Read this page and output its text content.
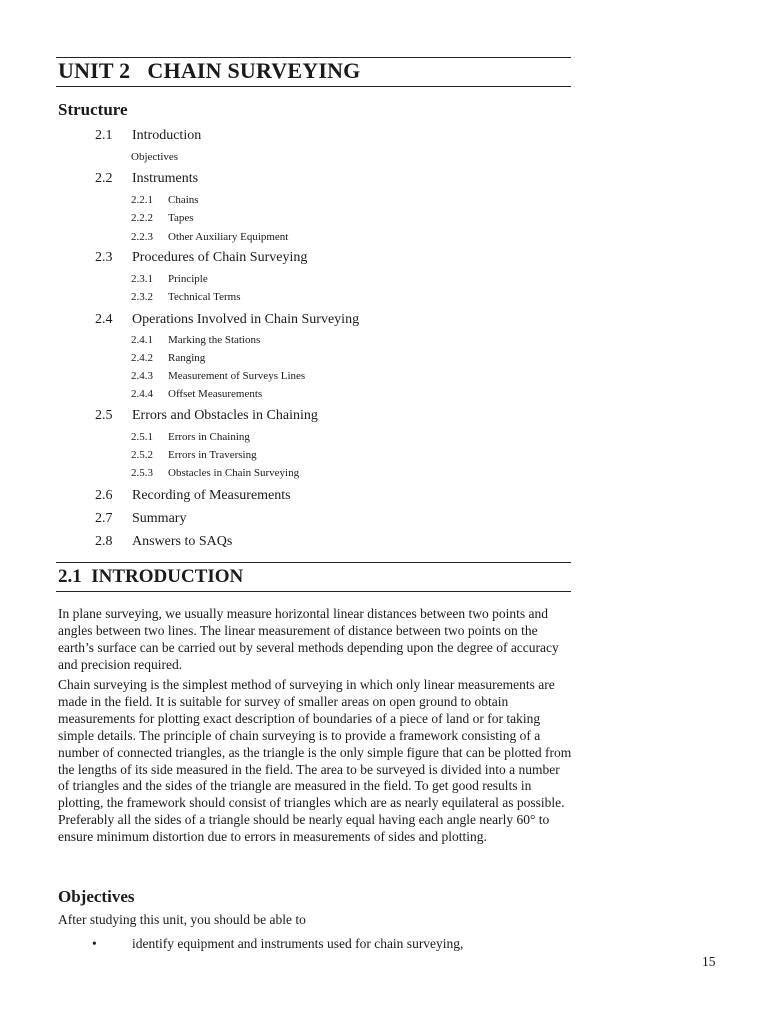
UNIT 2   CHAIN SURVEYING
Structure
2.1 Introduction
Objectives
2.2 Instruments
2.2.1 Chains
2.2.2 Tapes
2.2.3 Other Auxiliary Equipment
2.3 Procedures of Chain Surveying
2.3.1 Principle
2.3.2 Technical Terms
2.4 Operations Involved in Chain Surveying
2.4.1 Marking the Stations
2.4.2 Ranging
2.4.3 Measurement of Surveys Lines
2.4.4 Offset Measurements
2.5 Errors and Obstacles in Chaining
2.5.1 Errors in Chaining
2.5.2 Errors in Traversing
2.5.3 Obstacles in Chain Surveying
2.6 Recording of Measurements
2.7 Summary
2.8 Answers to SAQs
2.1  INTRODUCTION

In plane surveying, we usually measure horizontal linear distances between two points and angles between two lines. The linear measurement of distance between two points on the earth’s surface can be carried out by several methods depending upon the degree of accuracy and precision required.

Chain surveying is the simplest method of surveying in which only linear measurements are made in the field. It is suitable for survey of smaller areas on open ground to obtain measurements for plotting exact description of boundaries of a piece of land or for taking simple details. The principle of chain surveying is to provide a framework consisting of a number of connected triangles, as the triangle is the only simple figure that can be plotted from the lengths of its side measured in the field. The area to be surveyed is divided into a number of triangles and the sides of the triangle are measured in the field. To get good results in plotting, the framework should consist of triangles which are as nearly equilateral as possible. Preferably all the sides of a triangle should be nearly equal having each angle nearly 60° to ensure minimum distortion due to errors in measurements of sides and plotting.

Objectives

After studying this unit, you should be able to

•	identify equipment and instruments used for chain surveying,
15
